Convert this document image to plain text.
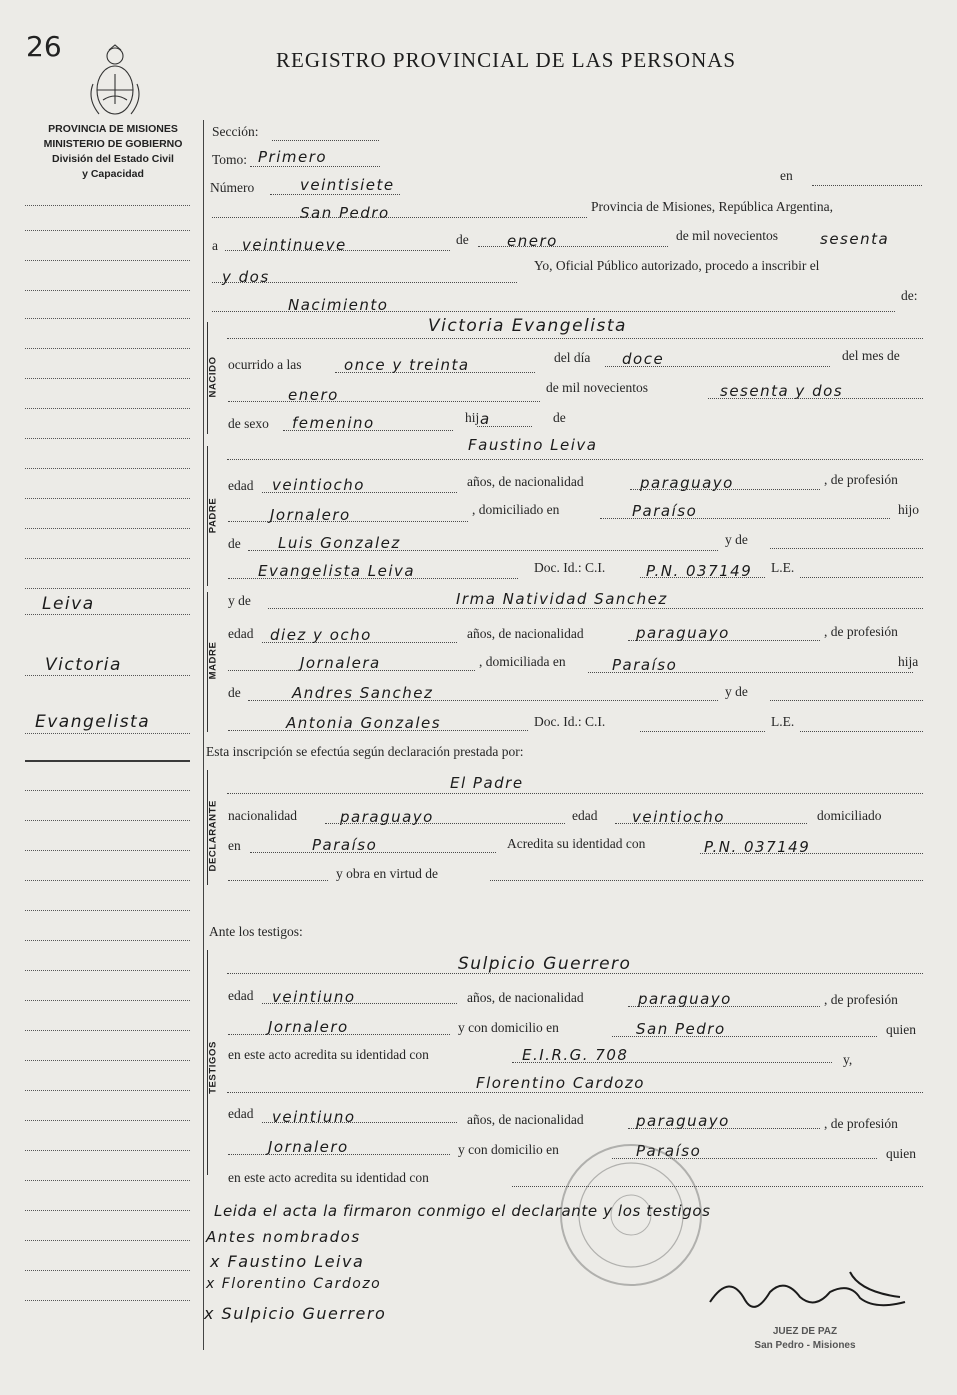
26	REGISTRO PROVINCIAL DE LAS PERSONAS
PROVINCIA DE MISIONES
MINISTERIO DE GOBIERNO
División del Estado Civil
y Capacidad
Leiva
Victoria
Evangelista
Sección:
Tomo: Primero
Número	veintisiete
en
San Pedro	Provincia de Misiones, República Argentina,
a veintinueve	de	enero	de mil novecientos	sesenta
y dos
Yo, Oficial Público autorizado, procedo a inscribir el
Nacimiento
de:
NACIDO
Victoria Evangelista
ocurrido a las	once y treinta	del día doce	del mes de
enero	de mil novecientos	sesenta y dos
de sexo femenino	hij a	de
PADRE
Faustino Leiva
edad veintiocho	años, de nacionalidad	paraguayo	, de profesión
Jornalero	, domiciliado en	Paraíso	hijo
de Luis Gonzalez	y de
Evangelista Leiva	Doc. Id.: C.I.	P.N. 037149 L.E.
MADRE
y de	Irma Natividad Sanchez
edad diez y ocho	años, de nacionalidad	paraguayo	, de profesión
Jornalera	, domiciliada en	Paraíso	hija
de	Andres Sanchez	y de
Antonia Gonzales	Doc. Id.: C.I.	L.E.
Esta inscripción se efectúa según declaración prestada por:
DECLARANTE
El Padre
nacionalidad	paraguayo	edad veintiocho	domiciliado
en	Paraíso	Acredita su identidad con	P.N. 037149
y obra en virtud de
Ante los testigos:
TESTIGOS
Sulpicio Guerrero
edad veintiuno	años, de nacionalidad	paraguayo	, de profesión
Jornalero	y con domicilio en	San Pedro	quien
en este acto acredita su identidad con	E.I.R.G. 708	y,
Florentino Cardozo
edad veintiuno	años, de nacionalidad	paraguayo	, de profesión
Jornalero	y con domicilio en	Paraíso	quien
en este acto acredita su identidad con
Leida el acta la firmaron conmigo el declarante y los testigos
Antes nombrados
x Faustino Leiva
x Florentino Cardozo
x Sulpicio Guerrero
JUEZ DE PAZ
San Pedro - Misiones
